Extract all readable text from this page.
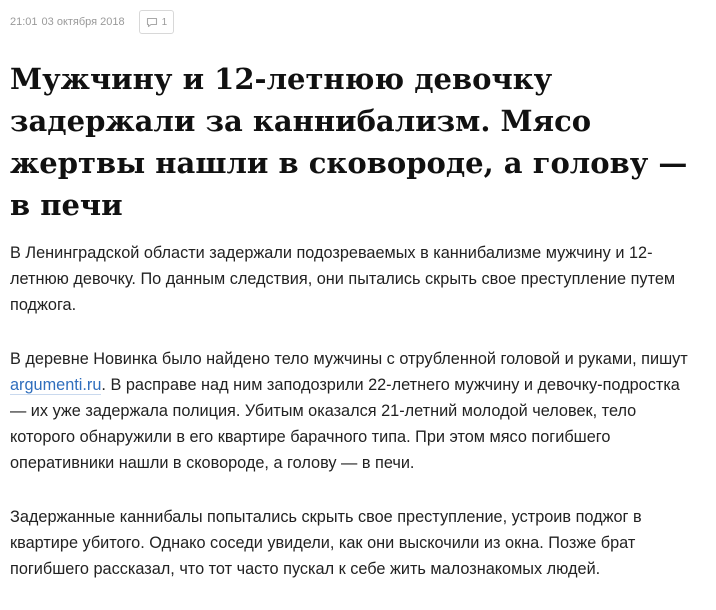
21:01 03 октября 2018	1
Мужчину и 12-летнюю девочку задержали за каннибализм. Мясо жертвы нашли в сковороде, а голову — в печи

В Ленинградской области задержали подозреваемых в каннибализме мужчину и 12-летнюю девочку. По данным следствия, они пытались скрыть свое преступление путем поджога.

В деревне Новинка было найдено тело мужчины с отрубленной головой и руками, пишут argumenti.ru. В расправе над ним заподозрили 22-летнего мужчину и девочку-подростка — их уже задержала полиция. Убитым оказался 21-летний молодой человек, тело которого обнаружили в его квартире барачного типа. При этом мясо погибшего оперативники нашли в сковороде, а голову — в печи.

Задержанные каннибалы попытались скрыть свое преступление, устроив поджог в квартире убитого. Однако соседи увидели, как они выскочили из окна. Позже брат погибшего рассказал, что тот часто пускал к себе жить малознакомых людей.
